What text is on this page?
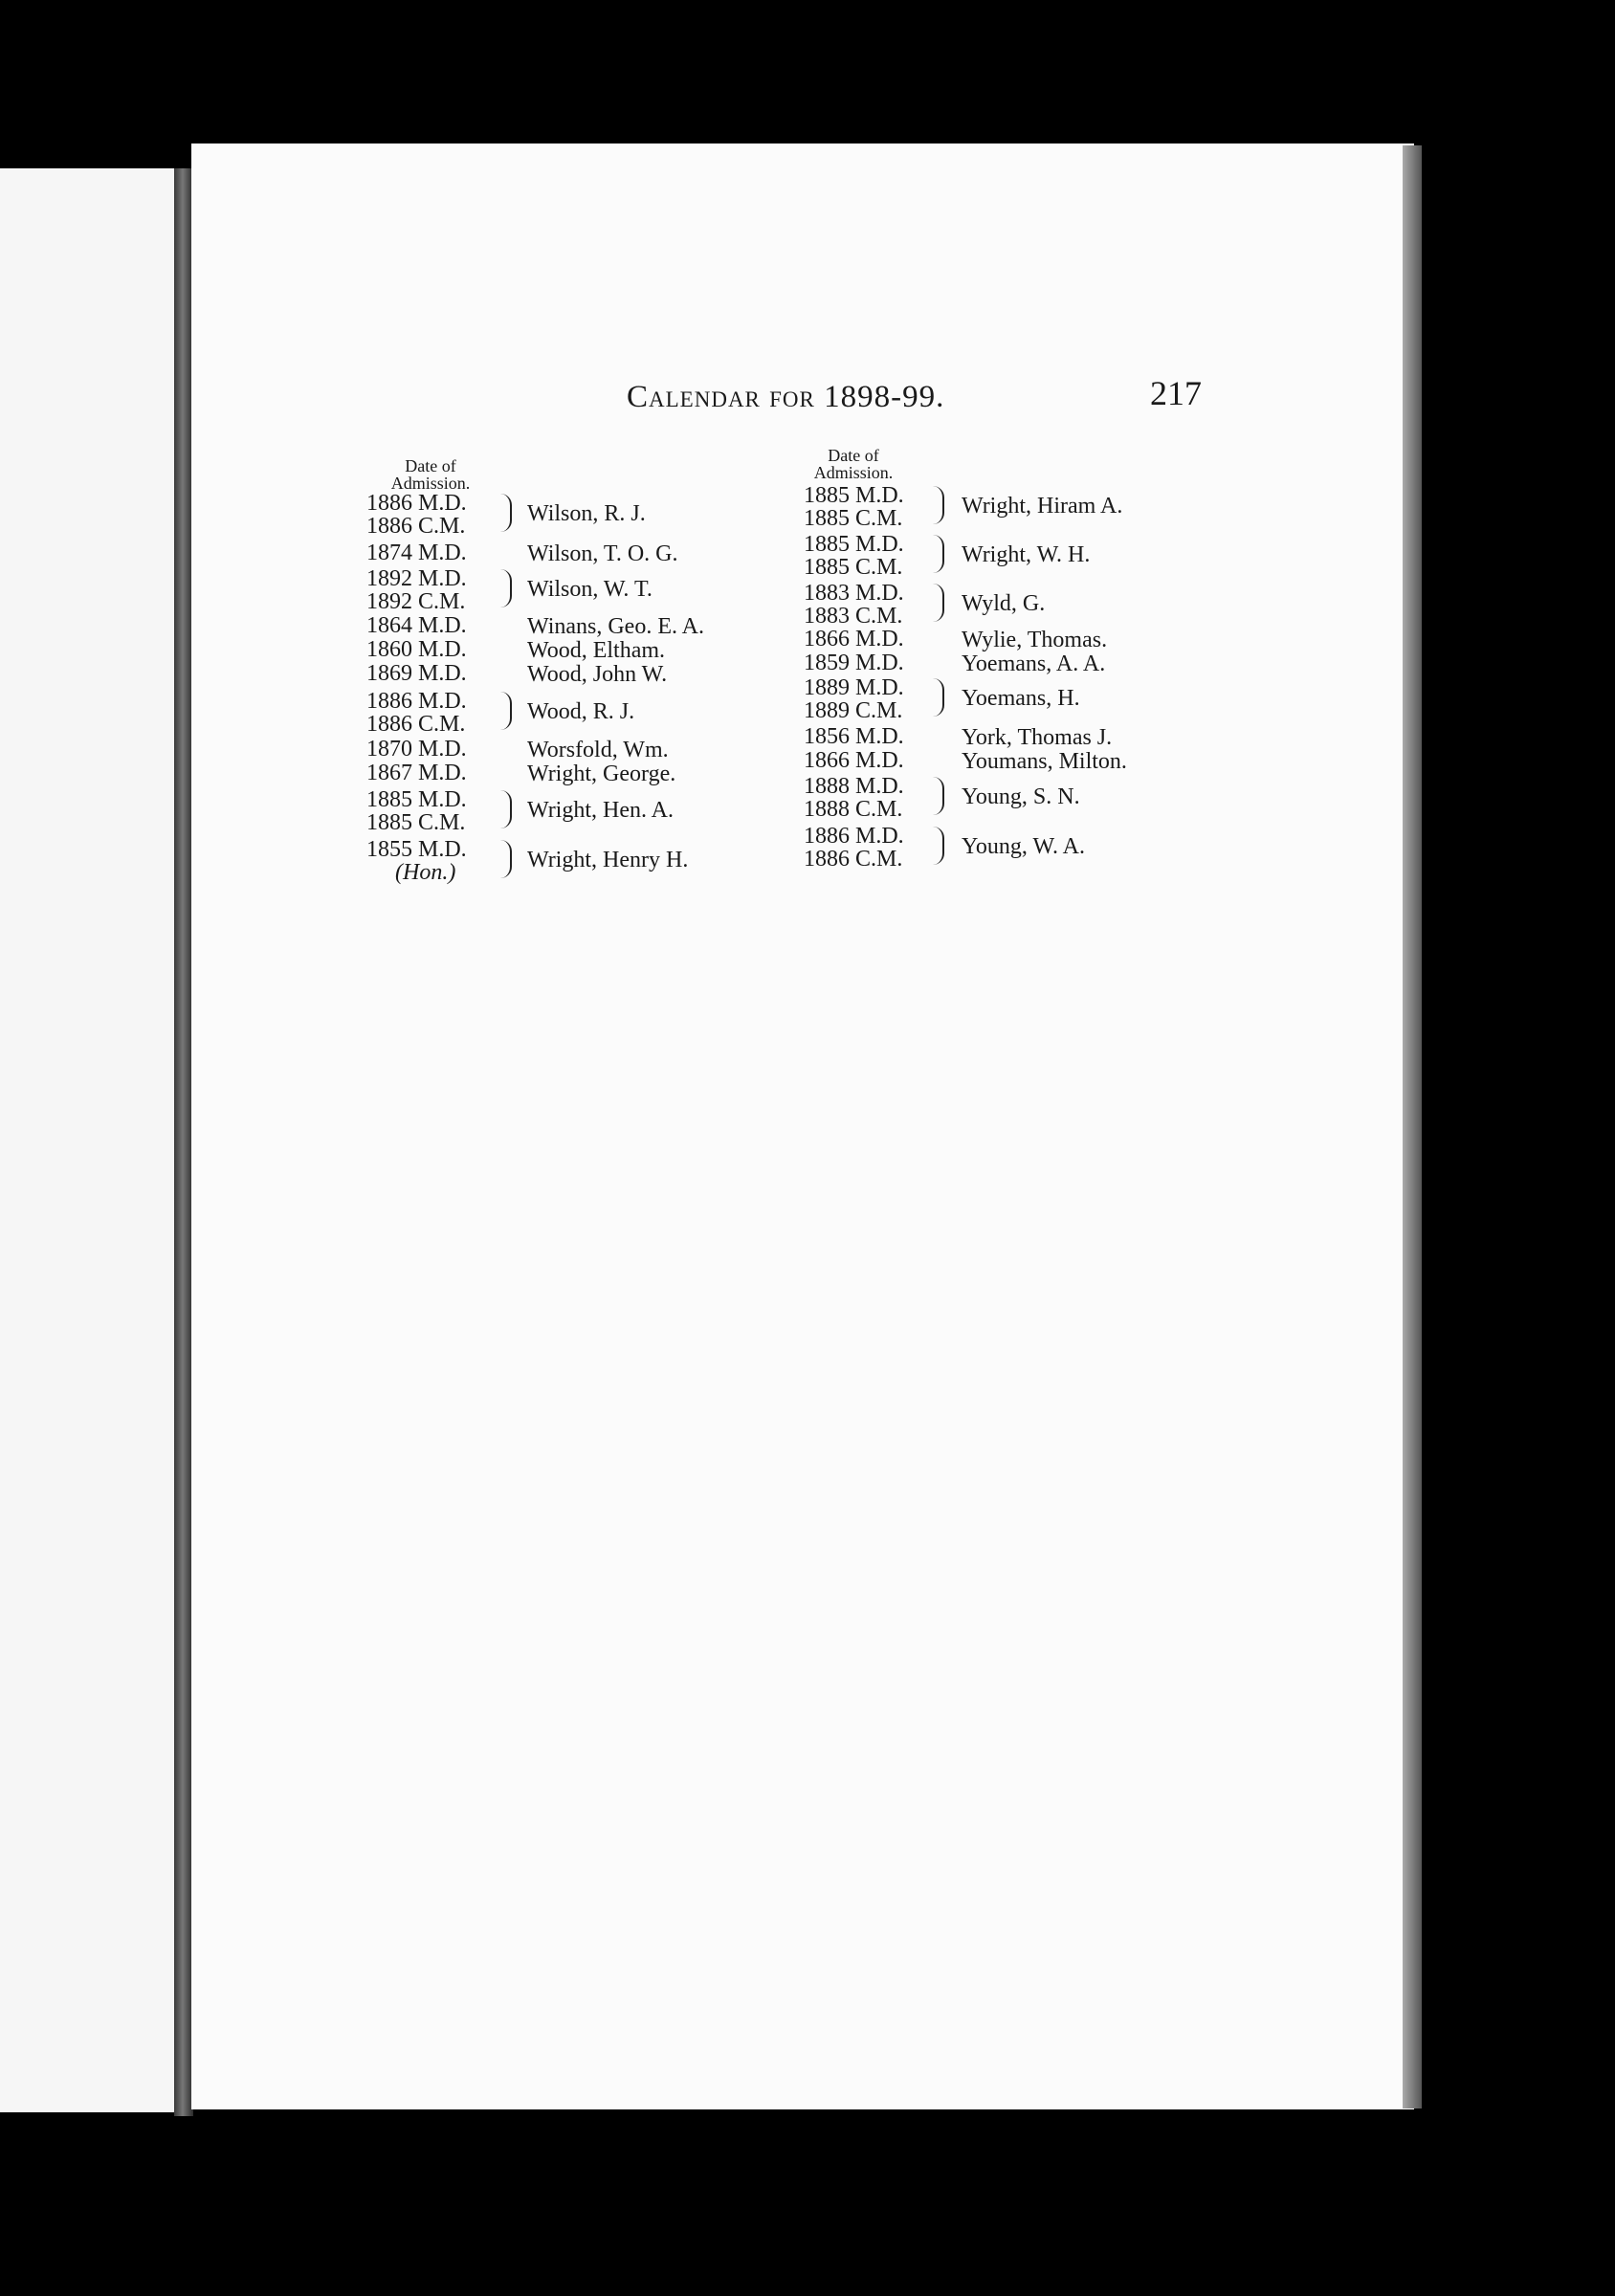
Calendar for 1898-99.	217
Date of
Admission.
1886 M.D.
1886 C.M.	Wilson, R. J.
1874 M.D.	Wilson, T. O. G.
1892 M.D.
1892 C.M.	Wilson, W. T.
1864 M.D.	Winans, Geo. E. A.
1860 M.D.	Wood, Eltham.
1869 M.D.	Wood, John W.
1886 M.D.
1886 C.M.	Wood, R. J.
1870 M.D.	Worsfold, Wm.
1867 M.D.	Wright, George.
1885 M.D.
1885 C.M.	Wright, Hen. A.
1855 M.D.
(Hon.)	Wright, Henry H.
Date of
Admission.
1885 M.D.
1885 C.M.	Wright, Hiram A.
1885 M.D.
1885 C.M.	Wright, W. H.
1883 M.D.
1883 C.M.	Wyld, G.
1866 M.D.	Wylie, Thomas.
1859 M.D.	Yoemans, A. A.
1889 M.D.
1889 C.M.	Yoemans, H.
1856 M.D.	York, Thomas J.
1866 M.D.	Youmans, Milton.
1888 M.D.
1888 C.M.	Young, S. N.
1886 M.D.
1886 C.M.	Young, W. A.
